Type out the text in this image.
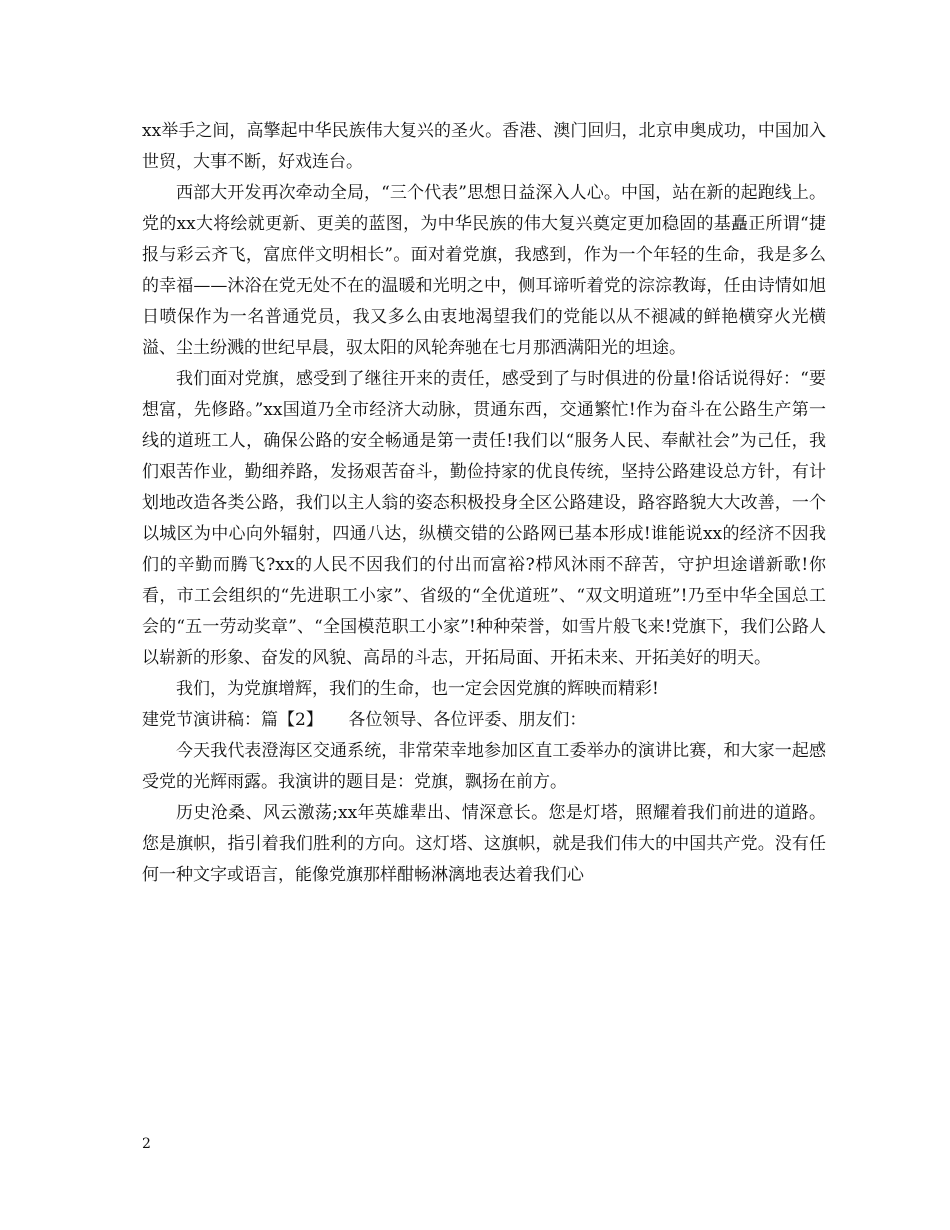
xx举手之间，高擎起中华民族伟大复兴的圣火。香港、澳门回归，北京申奥成功，中国加入世贸，大事不断，好戏连台。

西部大开发再次牵动全局，“三个代表”思想日益深入人心。中国，站在新的起跑线上。党的xx大将绘就更新、更美的蓝图，为中华民族的伟大复兴奠定更加稳固的基矗正所谓“捷报与彩云齐飞，富庶伴文明相长”。面对着党旗，我感到，作为一个年轻的生命，我是多么的幸福——沐浴在党无处不在的温暖和光明之中，侧耳谛听着党的淙淙教诲，任由诗情如旭日喷保作为一名普通党员，我又多么由衷地渴望我们的党能以从不褪减的鲜艳横穿火光横溢、尘土纷溅的世纪早晨，驭太阳的风轮奔驰在七月那洒满阳光的坦途。

我们面对党旗，感受到了继往开来的责任，感受到了与时俱进的份量!俗话说得好：“要想富，先修路。”xx国道乃全市经济大动脉，贯通东西，交通繁忙!作为奋斗在公路生产第一线的道班工人，确保公路的安全畅通是第一责任!我们以“服务人民、奉献社会”为己任，我们艰苦作业，勤细养路，发扬艰苦奋斗，勤俭持家的优良传统，坚持公路建设总方针，有计划地改造各类公路，我们以主人翁的姿态积极投身全区公路建设，路容路貌大大改善，一个以城区为中心向外辐射，四通八达，纵横交错的公路网已基本形成!谁能说xx的经济不因我们的辛勤而腾飞?xx的人民不因我们的付出而富裕?栉风沐雨不辞苦，守护坦途谱新歌!你看，市工会组织的“先进职工小家”、省级的“全优道班”、“双文明道班”!乃至中华全国总工会的“五一劳动奖章”、“全国模范职工小家”!种种荣誉，如雪片般飞来!党旗下，我们公路人以崭新的形象、奋发的风貌、高昂的斗志，开拓局面、开拓未来、开拓美好的明天。

我们，为党旗增辉，我们的生命，也一定会因党旗的辉映而精彩!

建党节演讲稿：篇【2】　　各位领导、各位评委、朋友们：

今天我代表澄海区交通系统，非常荣幸地参加区直工委举办的演讲比赛，和大家一起感受党的光辉雨露。我演讲的题目是：党旗，飘扬在前方。

历史沧桑、风云激荡;xx年英雄辈出、情深意长。您是灯塔，照耀着我们前进的道路。您是旗帜，指引着我们胜利的方向。这灯塔、这旗帜，就是我们伟大的中国共产党。没有任何一种文字或语言，能像党旗那样酣畅淋漓地表达着我们心

2
